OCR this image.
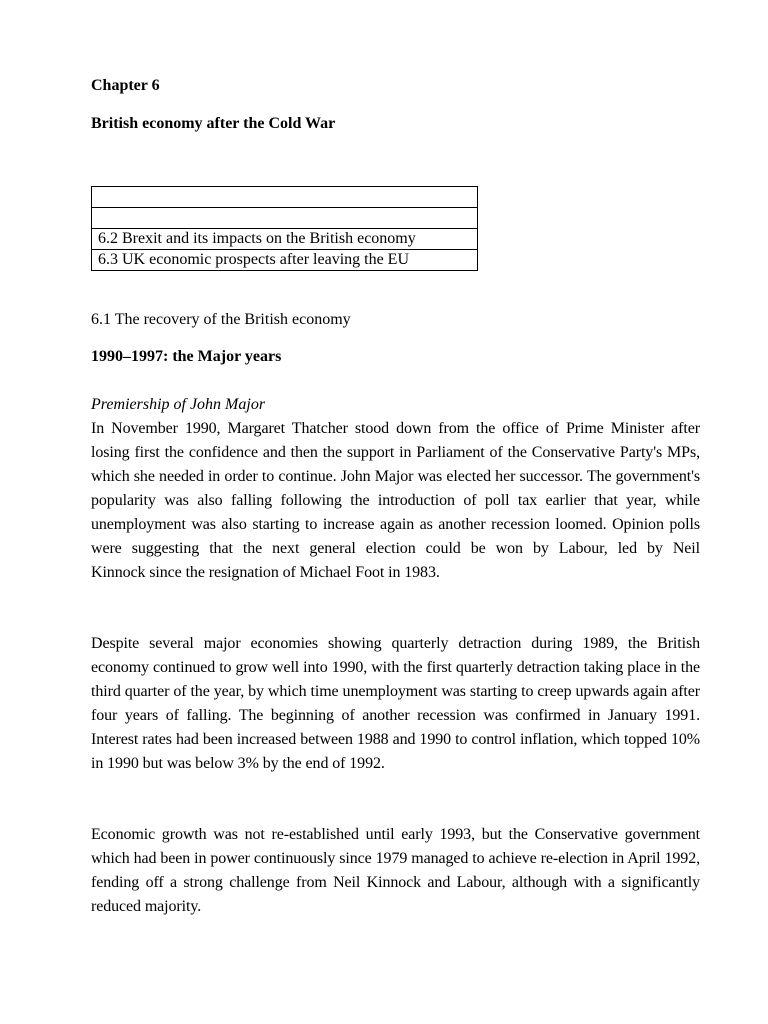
Chapter 6
British economy after the Cold War

6.2 Brexit and its impacts on the British economy
6.3 UK economic prospects after leaving the EU
6.1 The recovery of the British economy
1990–1997: the Major years

Premiership of John Major

In November 1990, Margaret Thatcher stood down from the office of Prime Minister after losing first the confidence and then the support in Parliament of the Conservative Party's MPs, which she needed in order to continue. John Major was elected her successor. The government's popularity was also falling following the introduction of poll tax earlier that year, while unemployment was also starting to increase again as another recession loomed. Opinion polls were suggesting that the next general election could be won by Labour, led by Neil Kinnock since the resignation of Michael Foot in 1983.

Despite several major economies showing quarterly detraction during 1989, the British economy continued to grow well into 1990, with the first quarterly detraction taking place in the third quarter of the year, by which time unemployment was starting to creep upwards again after four years of falling. The beginning of another recession was confirmed in January 1991. Interest rates had been increased between 1988 and 1990 to control inflation, which topped 10% in 1990 but was below 3% by the end of 1992.

Economic growth was not re-established until early 1993, but the Conservative government which had been in power continuously since 1979 managed to achieve re-election in April 1992, fending off a strong challenge from Neil Kinnock and Labour, although with a significantly reduced majority.
